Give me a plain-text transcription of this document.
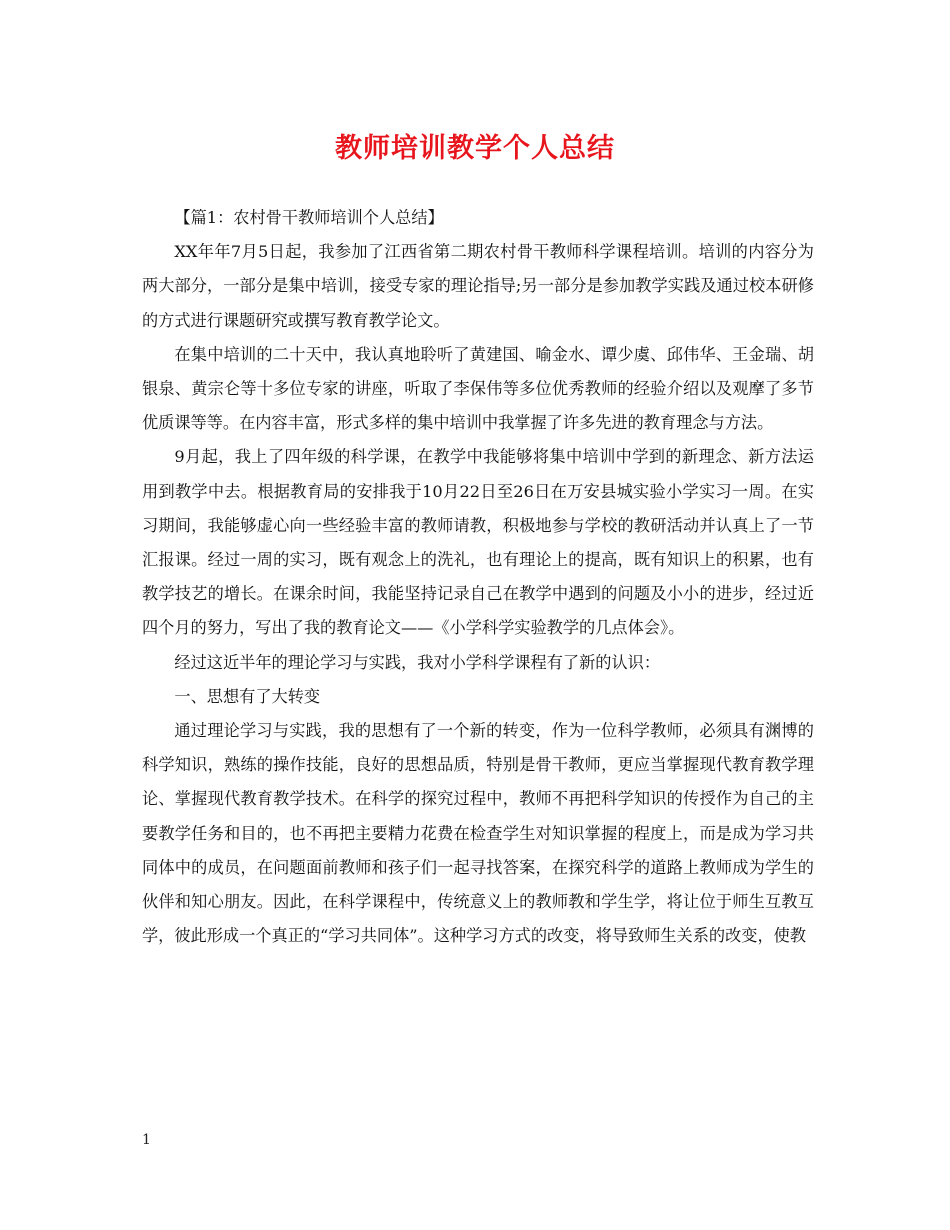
教师培训教学个人总结

【篇1：农村骨干教师培训个人总结】

XX年年7月5日起，我参加了江西省第二期农村骨干教师科学课程培训。培训的内容分为两大部分，一部分是集中培训，接受专家的理论指导;另一部分是参加教学实践及通过校本研修的方式进行课题研究或撰写教育教学论文。

在集中培训的二十天中，我认真地聆听了黄建国、喻金水、谭少虞、邱伟华、王金瑞、胡银泉、黄宗仑等十多位专家的讲座，听取了李保伟等多位优秀教师的经验介绍以及观摩了多节优质课等等。在内容丰富，形式多样的集中培训中我掌握了许多先进的教育理念与方法。

9月起，我上了四年级的科学课，在教学中我能够将集中培训中学到的新理念、新方法运用到教学中去。根据教育局的安排我于10月22日至26日在万安县城实验小学实习一周。在实习期间，我能够虚心向一些经验丰富的教师请教，积极地参与学校的教研活动并认真上了一节汇报课。经过一周的实习，既有观念上的洗礼，也有理论上的提高，既有知识上的积累，也有教学技艺的增长。在课余时间，我能坚持记录自己在教学中遇到的问题及小小的进步，经过近四个月的努力，写出了我的教育论文——《小学科学实验教学的几点体会》。

经过这近半年的理论学习与实践，我对小学科学课程有了新的认识：

一、思想有了大转变

通过理论学习与实践，我的思想有了一个新的转变，作为一位科学教师，必须具有渊博的科学知识，熟练的操作技能，良好的思想品质，特别是骨干教师，更应当掌握现代教育教学理论、掌握现代教育教学技术。在科学的探究过程中，教师不再把科学知识的传授作为自己的主要教学任务和目的，也不再把主要精力花费在检查学生对知识掌握的程度上，而是成为学习共同体中的成员，在问题面前教师和孩子们一起寻找答案，在探究科学的道路上教师成为学生的伙伴和知心朋友。因此，在科学课程中，传统意义上的教师教和学生学，将让位于师生互教互学，彼此形成一个真正的“学习共同体”。这种学习方式的改变，将导致师生关系的改变，使教

1
